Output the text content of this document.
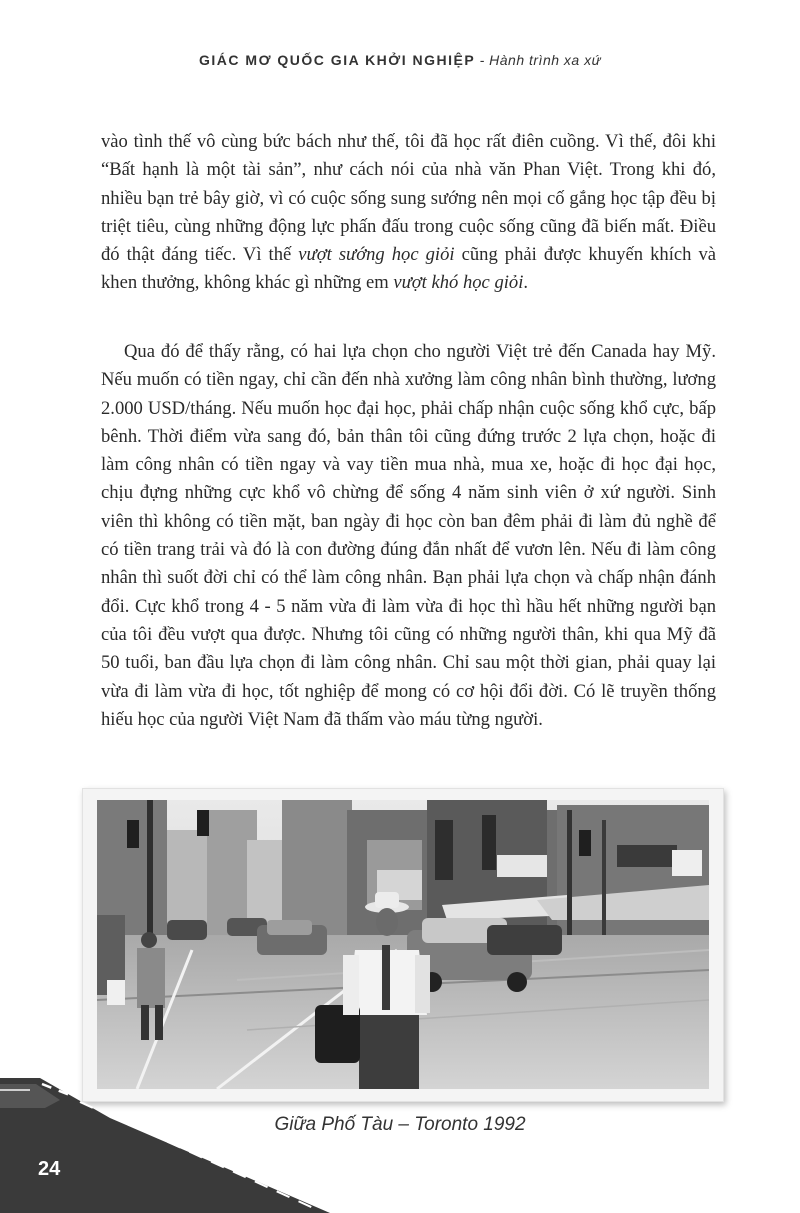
GIÁC MƠ QUỐC GIA KHỞI NGHIỆP - Hành trình xa xứ

vào tình thế vô cùng bức bách như thế, tôi đã học rất điên cuồng. Vì thế, đôi khi “Bất hạnh là một tài sản”, như cách nói của nhà văn Phan Việt. Trong khi đó, nhiều bạn trẻ bây giờ, vì có cuộc sống sung sướng nên mọi cố gắng học tập đều bị triệt tiêu, cùng những động lực phấn đấu trong cuộc sống cũng đã biến mất. Điều đó thật đáng tiếc. Vì thế vượt sướng học giỏi cũng phải được khuyến khích và khen thưởng, không khác gì những em vượt khó học giỏi.

Qua đó để thấy rằng, có hai lựa chọn cho người Việt trẻ đến Canada hay Mỹ. Nếu muốn có tiền ngay, chỉ cần đến nhà xưởng làm công nhân bình thường, lương 2.000 USD/tháng. Nếu muốn học đại học, phải chấp nhận cuộc sống khổ cực, bấp bênh. Thời điểm vừa sang đó, bản thân tôi cũng đứng trước 2 lựa chọn, hoặc đi làm công nhân có tiền ngay và vay tiền mua nhà, mua xe, hoặc đi học đại học, chịu đựng những cực khổ vô chừng để sống 4 năm sinh viên ở xứ người. Sinh viên thì không có tiền mặt, ban ngày đi học còn ban đêm phải đi làm đủ nghề để có tiền trang trải và đó là con đường đúng đắn nhất để vươn lên. Nếu đi làm công nhân thì suốt đời chỉ có thể làm công nhân. Bạn phải lựa chọn và chấp nhận đánh đổi. Cực khổ trong 4 - 5 năm vừa đi làm vừa đi học thì hầu hết những người bạn của tôi đều vượt qua được. Nhưng tôi cũng có những người thân, khi qua Mỹ đã 50 tuổi, ban đầu lựa chọn đi làm công nhân. Chỉ sau một thời gian, phải quay lại vừa đi làm vừa đi học, tốt nghiệp để mong có cơ hội đổi đời. Có lẽ truyền thống hiếu học của người Việt Nam đã thấm vào máu từng người.

Giữa Phố Tàu – Toronto 1992
24
